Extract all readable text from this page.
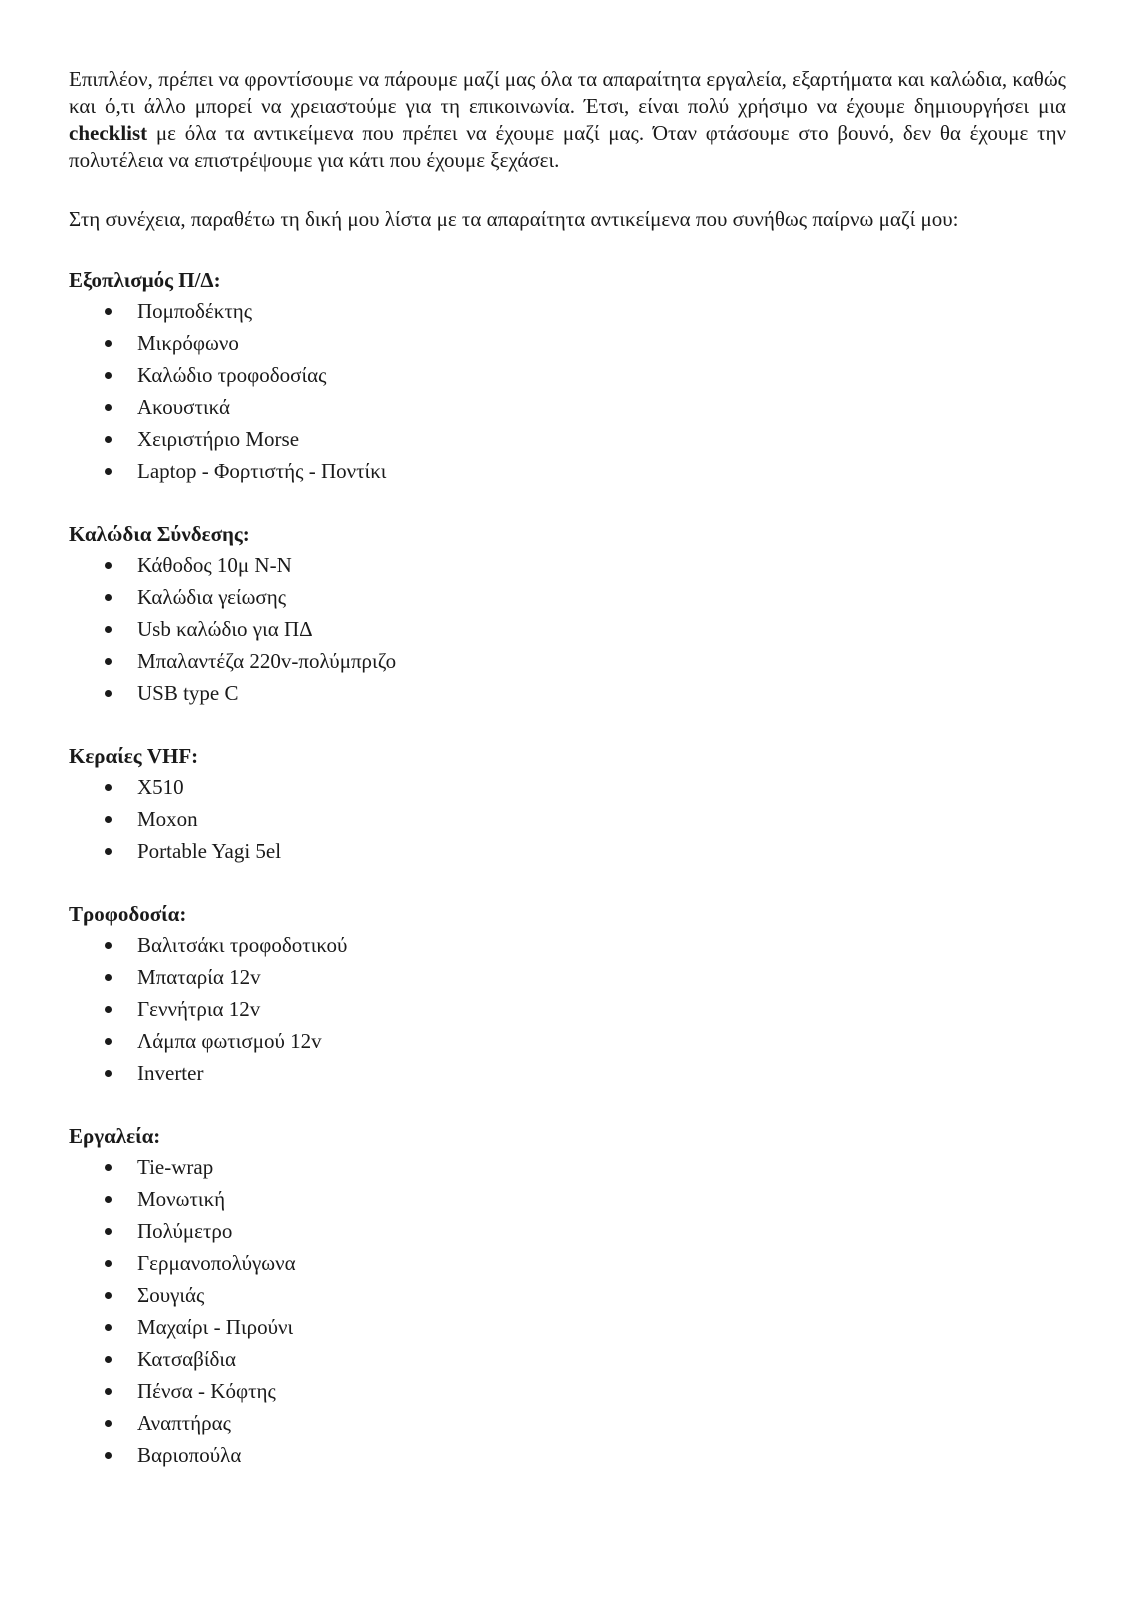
Επιπλέον, πρέπει να φροντίσουμε να πάρουμε μαζί μας όλα τα απαραίτητα εργαλεία, εξαρτήματα και καλώδια, καθώς και ό,τι άλλο μπορεί να χρειαστούμε για τη επικοινωνία. Έτσι, είναι πολύ χρήσιμο να έχουμε δημιουργήσει μια checklist με όλα τα αντικείμενα που πρέπει να έχουμε μαζί μας. Όταν φτάσουμε στο βουνό, δεν θα έχουμε την πολυτέλεια να επιστρέψουμε για κάτι που έχουμε ξεχάσει.

Στη συνέχεια, παραθέτω τη δική μου λίστα με τα απαραίτητα αντικείμενα που συνήθως παίρνω μαζί μου:

Εξοπλισμός Π/Δ:

Πομποδέκτης
Μικρόφωνο
Καλώδιο τροφοδοσίας
Ακουστικά
Χειριστήριο Morse
Laptop - Φορτιστής - Ποντίκι

Καλώδια Σύνδεσης:

Κάθοδος 10μ N-N
Καλώδια γείωσης
Usb καλώδιο για ΠΔ
Μπαλαντέζα 220v-πολύμπριζο
USB type C

Κεραίες VHF:

X510
Moxon
Portable Yagi 5el

Τροφοδοσία:

Βαλιτσάκι τροφοδοτικού
Μπαταρία 12v
Γεννήτρια 12v
Λάμπα φωτισμού 12v
Inverter

Εργαλεία:

Tie-wrap
Μονωτική
Πολύμετρο
Γερμανοπολύγωνα
Σουγιάς
Μαχαίρι - Πιρούνι
Κατσαβίδια
Πένσα - Κόφτης
Αναπτήρας
Βαριοπούλα
